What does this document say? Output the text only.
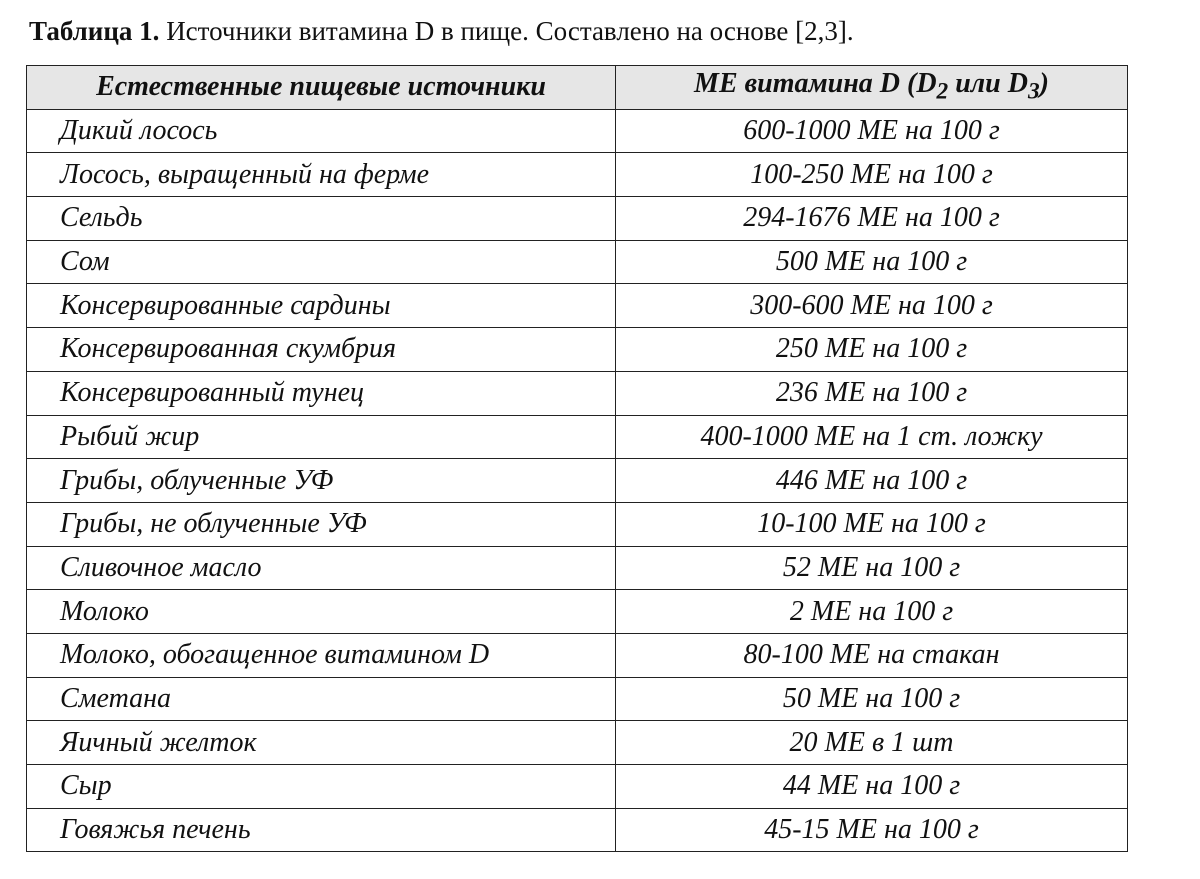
Таблица 1. Источники витамина D в пище. Составлено на основе [2,3].
Естественные пищевые источники	МЕ витамина D ($D_2$ или $D_3$)
Дикий лосось	600-1000 МЕ на 100 г
Лосось, выращенный на ферме	100-250 МЕ на 100 г
Сельдь	294-1676 МЕ на 100 г
Сом	500 МЕ на 100 г
Консервированные сардины	300-600 МЕ на 100 г
Консервированная скумбрия	250 МЕ на 100 г
Консервированный тунец	236 МЕ на 100 г
Рыбий жир	400-1000 МЕ на 1 ст. ложку
Грибы, облученные УФ	446 МЕ на 100 г
Грибы, не облученные УФ	10-100 МЕ на 100 г
Сливочное масло	52 МЕ на 100 г
Молоко	2 МЕ на 100 г
Молоко, обогащенное витамином D	80-100 МЕ на стакан
Сметана	50 МЕ на 100 г
Яичный желток	20 МЕ в 1 шт
Сыр	44 МЕ на 100 г
Говяжья печень	45-15 МЕ на 100 г
